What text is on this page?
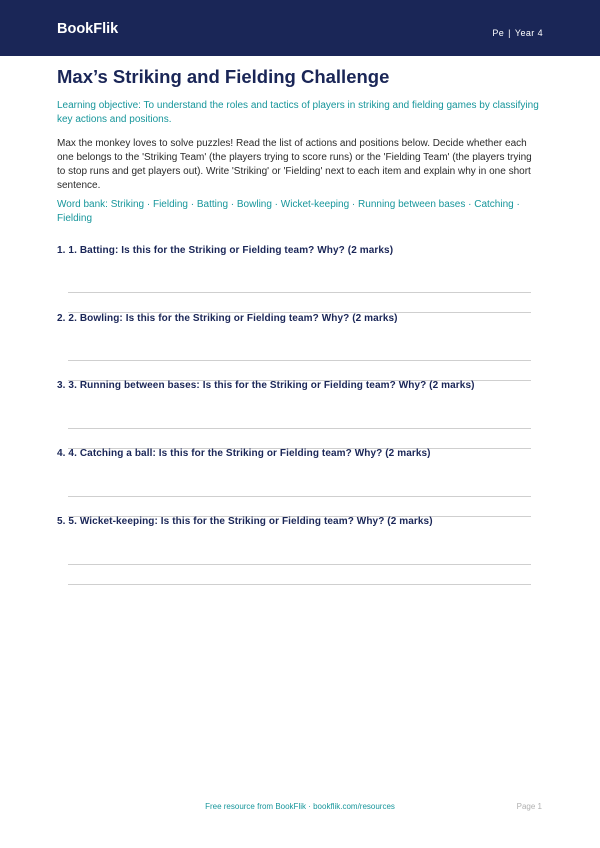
BookFlik	Pe | Year 4
Max’s Striking and Fielding Challenge

Learning objective: To understand the roles and tactics of players in striking and fielding games by classifying key actions and positions.

Max the monkey loves to solve puzzles! Read the list of actions and positions below. Decide whether each one belongs to the 'Striking Team' (the players trying to score runs) or the 'Fielding Team' (the players trying to stop runs and get players out). Write 'Striking' or 'Fielding' next to each item and explain why in one short sentence.

Word bank: Striking · Fielding · Batting · Bowling · Wicket-keeping · Running between bases · Catching · Fielding

1. 1. Batting: Is this for the Striking or Fielding team? Why? (2 marks)

2. 2. Bowling: Is this for the Striking or Fielding team? Why? (2 marks)

3. 3. Running between bases: Is this for the Striking or Fielding team? Why? (2 marks)

4. 4. Catching a ball: Is this for the Striking or Fielding team? Why? (2 marks)

5. 5. Wicket-keeping: Is this for the Striking or Fielding team? Why? (2 marks)

Free resource from BookFlik · bookflik.com/resources	Page 1
